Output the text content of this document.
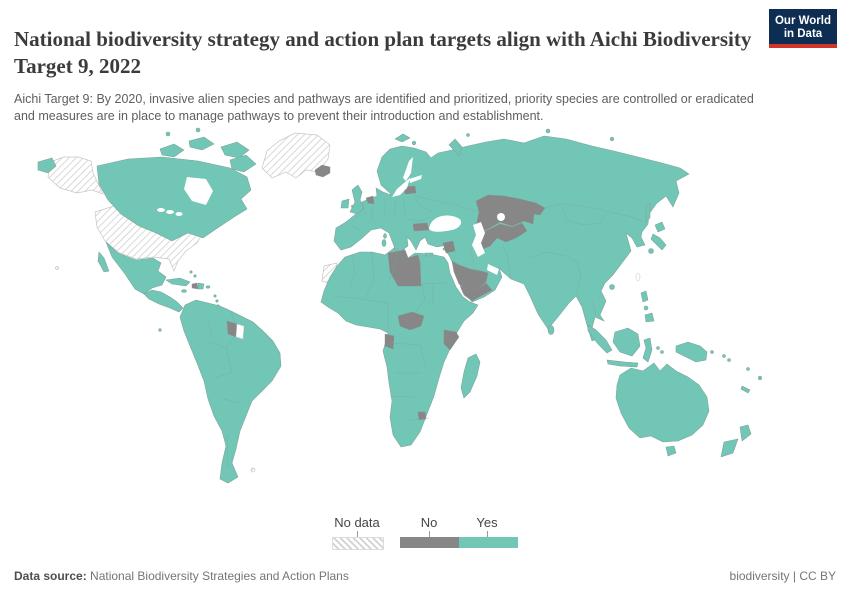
National biodiversity strategy and action plan targets align with Aichi Biodiversity Target 9, 2022

Aichi Target 9: By 2020, invasive alien species and pathways are identified and prioritized, priority species are controlled or eradicated and measures are in place to manage pathways to prevent their introduction and establishment.

Our World
in Data
No data	No	Yes
Data source: National Biodiversity Strategies and Action Plans	biodiversity | CC BY
